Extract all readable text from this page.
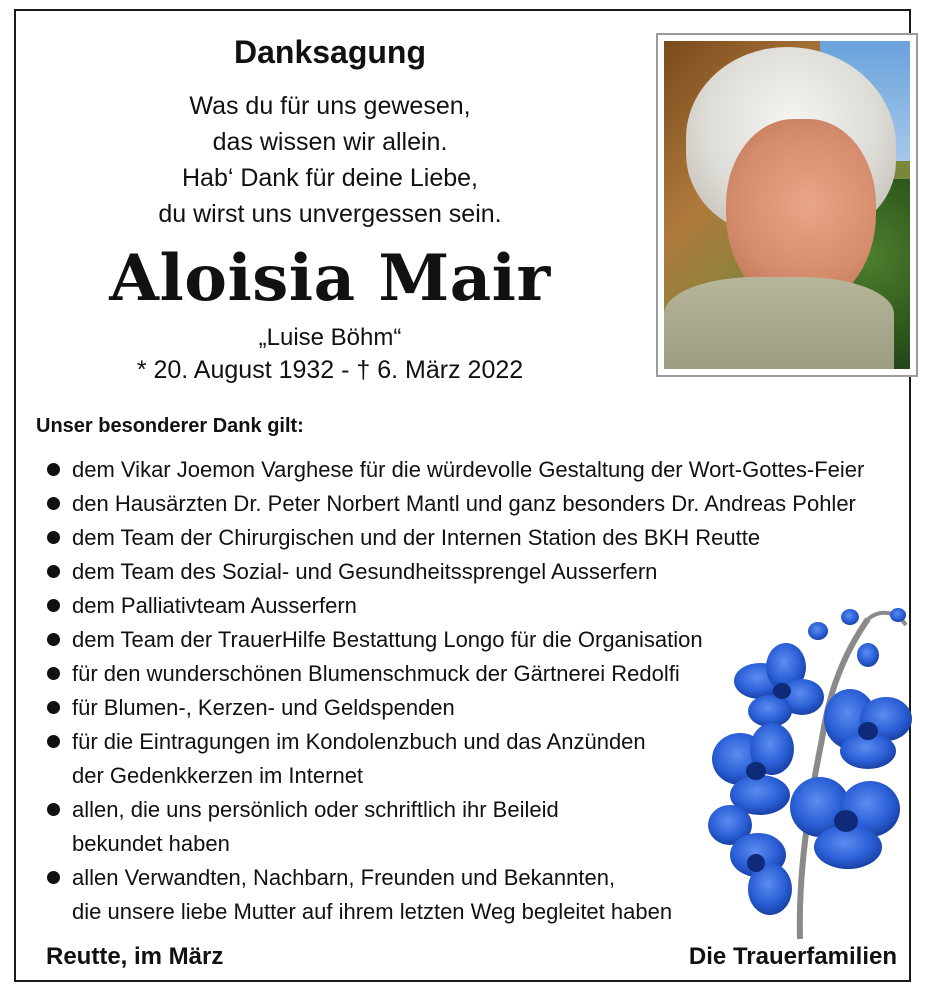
Danksagung
Was du für uns gewesen,
das wissen wir allein.
Hab‘ Dank für deine Liebe,
du wirst uns unvergessen sein.
Aloisia Mair
„Luise Böhm“
* 20. August 1932 - † 6. März 2022
Unser besonderer Dank gilt:
dem Vikar Joemon Varghese für die würdevolle Gestaltung der Wort-Gottes-Feier
den Hausärzten Dr. Peter Norbert Mantl und ganz besonders Dr. Andreas Pohler
dem Team der Chirurgischen und der Internen Station des BKH Reutte
dem Team des Sozial- und Gesundheitssprengel Ausserfern
dem Palliativteam Ausserfern
dem Team der TrauerHilfe Bestattung Longo für die Organisation
für den wunderschönen Blumenschmuck der Gärtnerei Redolfi
für Blumen-, Kerzen- und Geldspenden
für die Eintragungen im Kondolenzbuch und das Anzünden
der Gedenkkerzen im Internet
allen, die uns persönlich oder schriftlich ihr Beileid
bekundet haben
allen Verwandten, Nachbarn, Freunden und Bekannten,
die unsere liebe Mutter auf ihrem letzten Weg begleitet haben
Reutte, im März	Die Trauerfamilien
